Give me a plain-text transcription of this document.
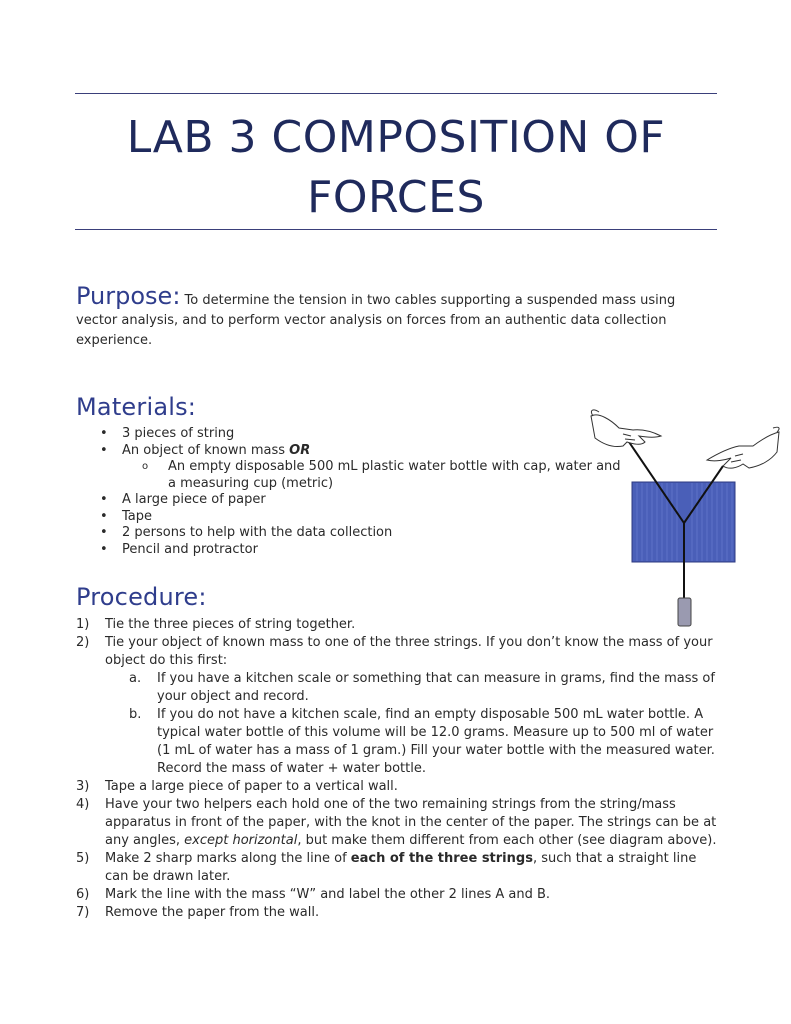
LAB 3 COMPOSITION OF
FORCES
Purpose: To determine the tension in two cables supporting a suspended mass using vector analysis, and to perform vector analysis on forces from an authentic data collection experience.
Materials:
• 3 pieces of string
• An object of known mass OR
o An empty disposable 500 mL plastic water bottle with cap, water and a measuring cup (metric)
• A large piece of paper
• Tape
• 2 persons to help with the data collection
• Pencil and protractor
Procedure:
1) Tie the three pieces of string together.
2) Tie your object of known mass to one of the three strings. If you don’t know the mass of your object do this first:
a. If you have a kitchen scale or something that can measure in grams, find the mass of your object and record.
b. If you do not have a kitchen scale, find an empty disposable 500 mL water bottle. A typical water bottle of this volume will be 12.0 grams. Measure up to 500 ml of water (1 mL of water has a mass of 1 gram.) Fill your water bottle with the measured water. Record the mass of water + water bottle.
3) Tape a large piece of paper to a vertical wall.
4) Have your two helpers each hold one of the two remaining strings from the string/mass apparatus in front of the paper, with the knot in the center of the paper. The strings can be at any angles, except horizontal, but make them different from each other (see diagram above).
5) Make 2 sharp marks along the line of each of the three strings, such that a straight line can be drawn later.
6) Mark the line with the mass “W” and label the other 2 lines A and B.
7) Remove the paper from the wall.
